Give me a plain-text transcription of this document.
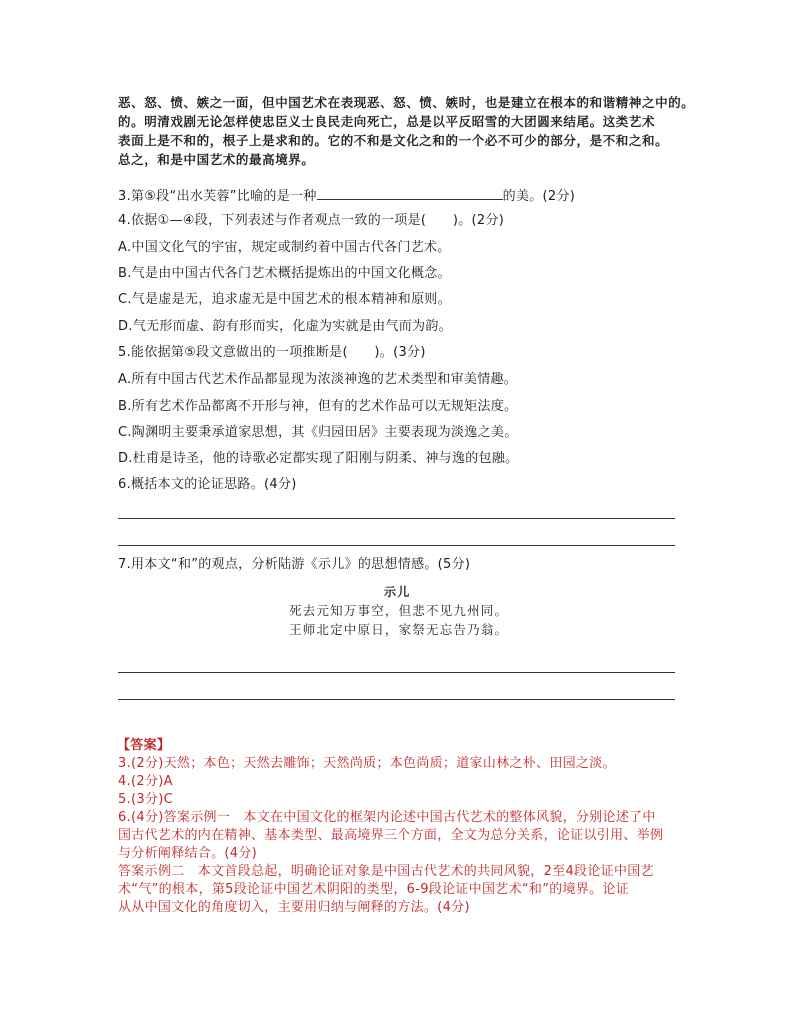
恶、怒、愤、嫉之一面，但中国艺术在表现恶、怒、愤、嫉时，也是建立在根本的和谐精神之中的。
的。明清戏剧无论怎样使忠臣义士良民走向死亡，总是以平反昭雪的大团圆来结尾。这类艺术
表面上是不和的，根子上是求和的。它的不和是文化之和的一个必不可少的部分，是不和之和。
总之，和是中国艺术的最高境界。
3.第⑤段“出水芙蓉”比喻的是一种	的美。(2分)
4.依据①—④段，下列表述与作者观点一致的一项是(　　)。(2分)
A.中国文化气的宇宙，规定或制约着中国古代各门艺术。
B.气是由中国古代各门艺术概括提炼出的中国文化概念。
C.气是虚是无，追求虚无是中国艺术的根本精神和原则。
D.气无形而虚、韵有形而实，化虚为实就是由气而为韵。
5.能依据第⑤段文意做出的一项推断是(　　)。(3分)
A.所有中国古代艺术作品都显现为浓淡神逸的艺术类型和审美情趣。
B.所有艺术作品都离不开形与神，但有的艺术作品可以无规矩法度。
C.陶渊明主要秉承道家思想，其《归园田居》主要表现为淡逸之美。
D.杜甫是诗圣，他的诗歌必定都实现了阳刚与阴柔、神与逸的包融。
6.概括本文的论证思路。(4分)
7.用本文“和”的观点，分析陆游《示儿》的思想情感。(5分)
示儿
死去元知万事空，但悲不见九州同。
王师北定中原日，家祭无忘告乃翁。
【答案】
3.(2分)天然；本色；天然去雕饰；天然尚质；本色尚质；道家山林之朴、田园之淡。
4.(2分)A
5.(3分)C
6.(4分)答案示例一　本文在中国文化的框架内论述中国古代艺术的整体风貌，分别论述了中
国古代艺术的内在精神、基本类型、最高境界三个方面，全文为总分关系，论证以引用、举例
与分析阐释结合。(4分)
答案示例二　本文首段总起，明确论证对象是中国古代艺术的共同风貌，2至4段论证中国艺
术“气”的根本，第5段论证中国艺术阴阳的类型，6-9段论证中国艺术“和”的境界。论证
从从中国文化的角度切入，主要用归纳与阐释的方法。(4分)
